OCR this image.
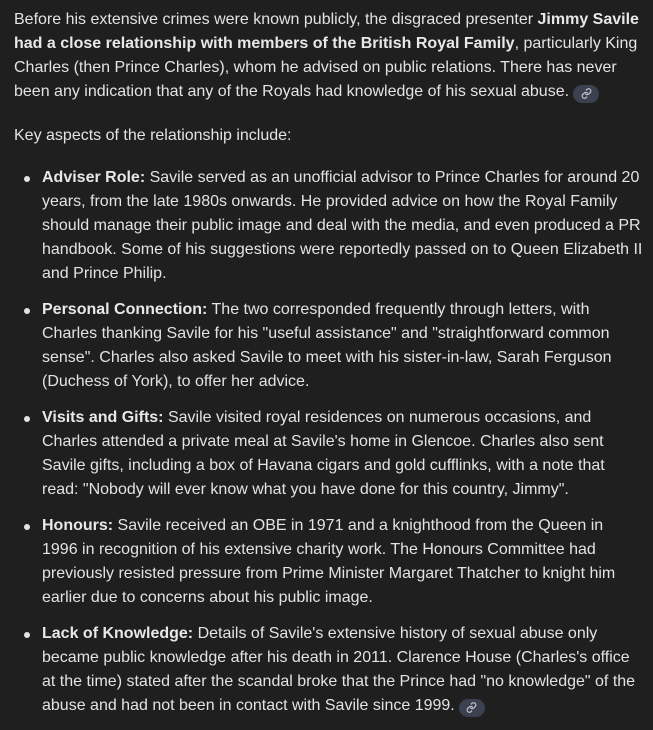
Before his extensive crimes were known publicly, the disgraced presenter Jimmy Savile had a close relationship with members of the British Royal Family, particularly King Charles (then Prince Charles), whom he advised on public relations. There has never been any indication that any of the Royals had knowledge of his sexual abuse.

Key aspects of the relationship include:

Adviser Role: Savile served as an unofficial advisor to Prince Charles for around 20 years, from the late 1980s onwards. He provided advice on how the Royal Family should manage their public image and deal with the media, and even produced a PR handbook. Some of his suggestions were reportedly passed on to Queen Elizabeth II and Prince Philip.
Personal Connection: The two corresponded frequently through letters, with Charles thanking Savile for his "useful assistance" and "straightforward common sense". Charles also asked Savile to meet with his sister-in-law, Sarah Ferguson (Duchess of York), to offer her advice.
Visits and Gifts: Savile visited royal residences on numerous occasions, and Charles attended a private meal at Savile's home in Glencoe. Charles also sent Savile gifts, including a box of Havana cigars and gold cufflinks, with a note that read: "Nobody will ever know what you have done for this country, Jimmy".
Honours: Savile received an OBE in 1971 and a knighthood from the Queen in 1996 in recognition of his extensive charity work. The Honours Committee had previously resisted pressure from Prime Minister Margaret Thatcher to knight him earlier due to concerns about his public image.
Lack of Knowledge: Details of Savile's extensive history of sexual abuse only became public knowledge after his death in 2011. Clarence House (Charles's office at the time) stated after the scandal broke that the Prince had "no knowledge" of the abuse and had not been in contact with Savile since 1999.
